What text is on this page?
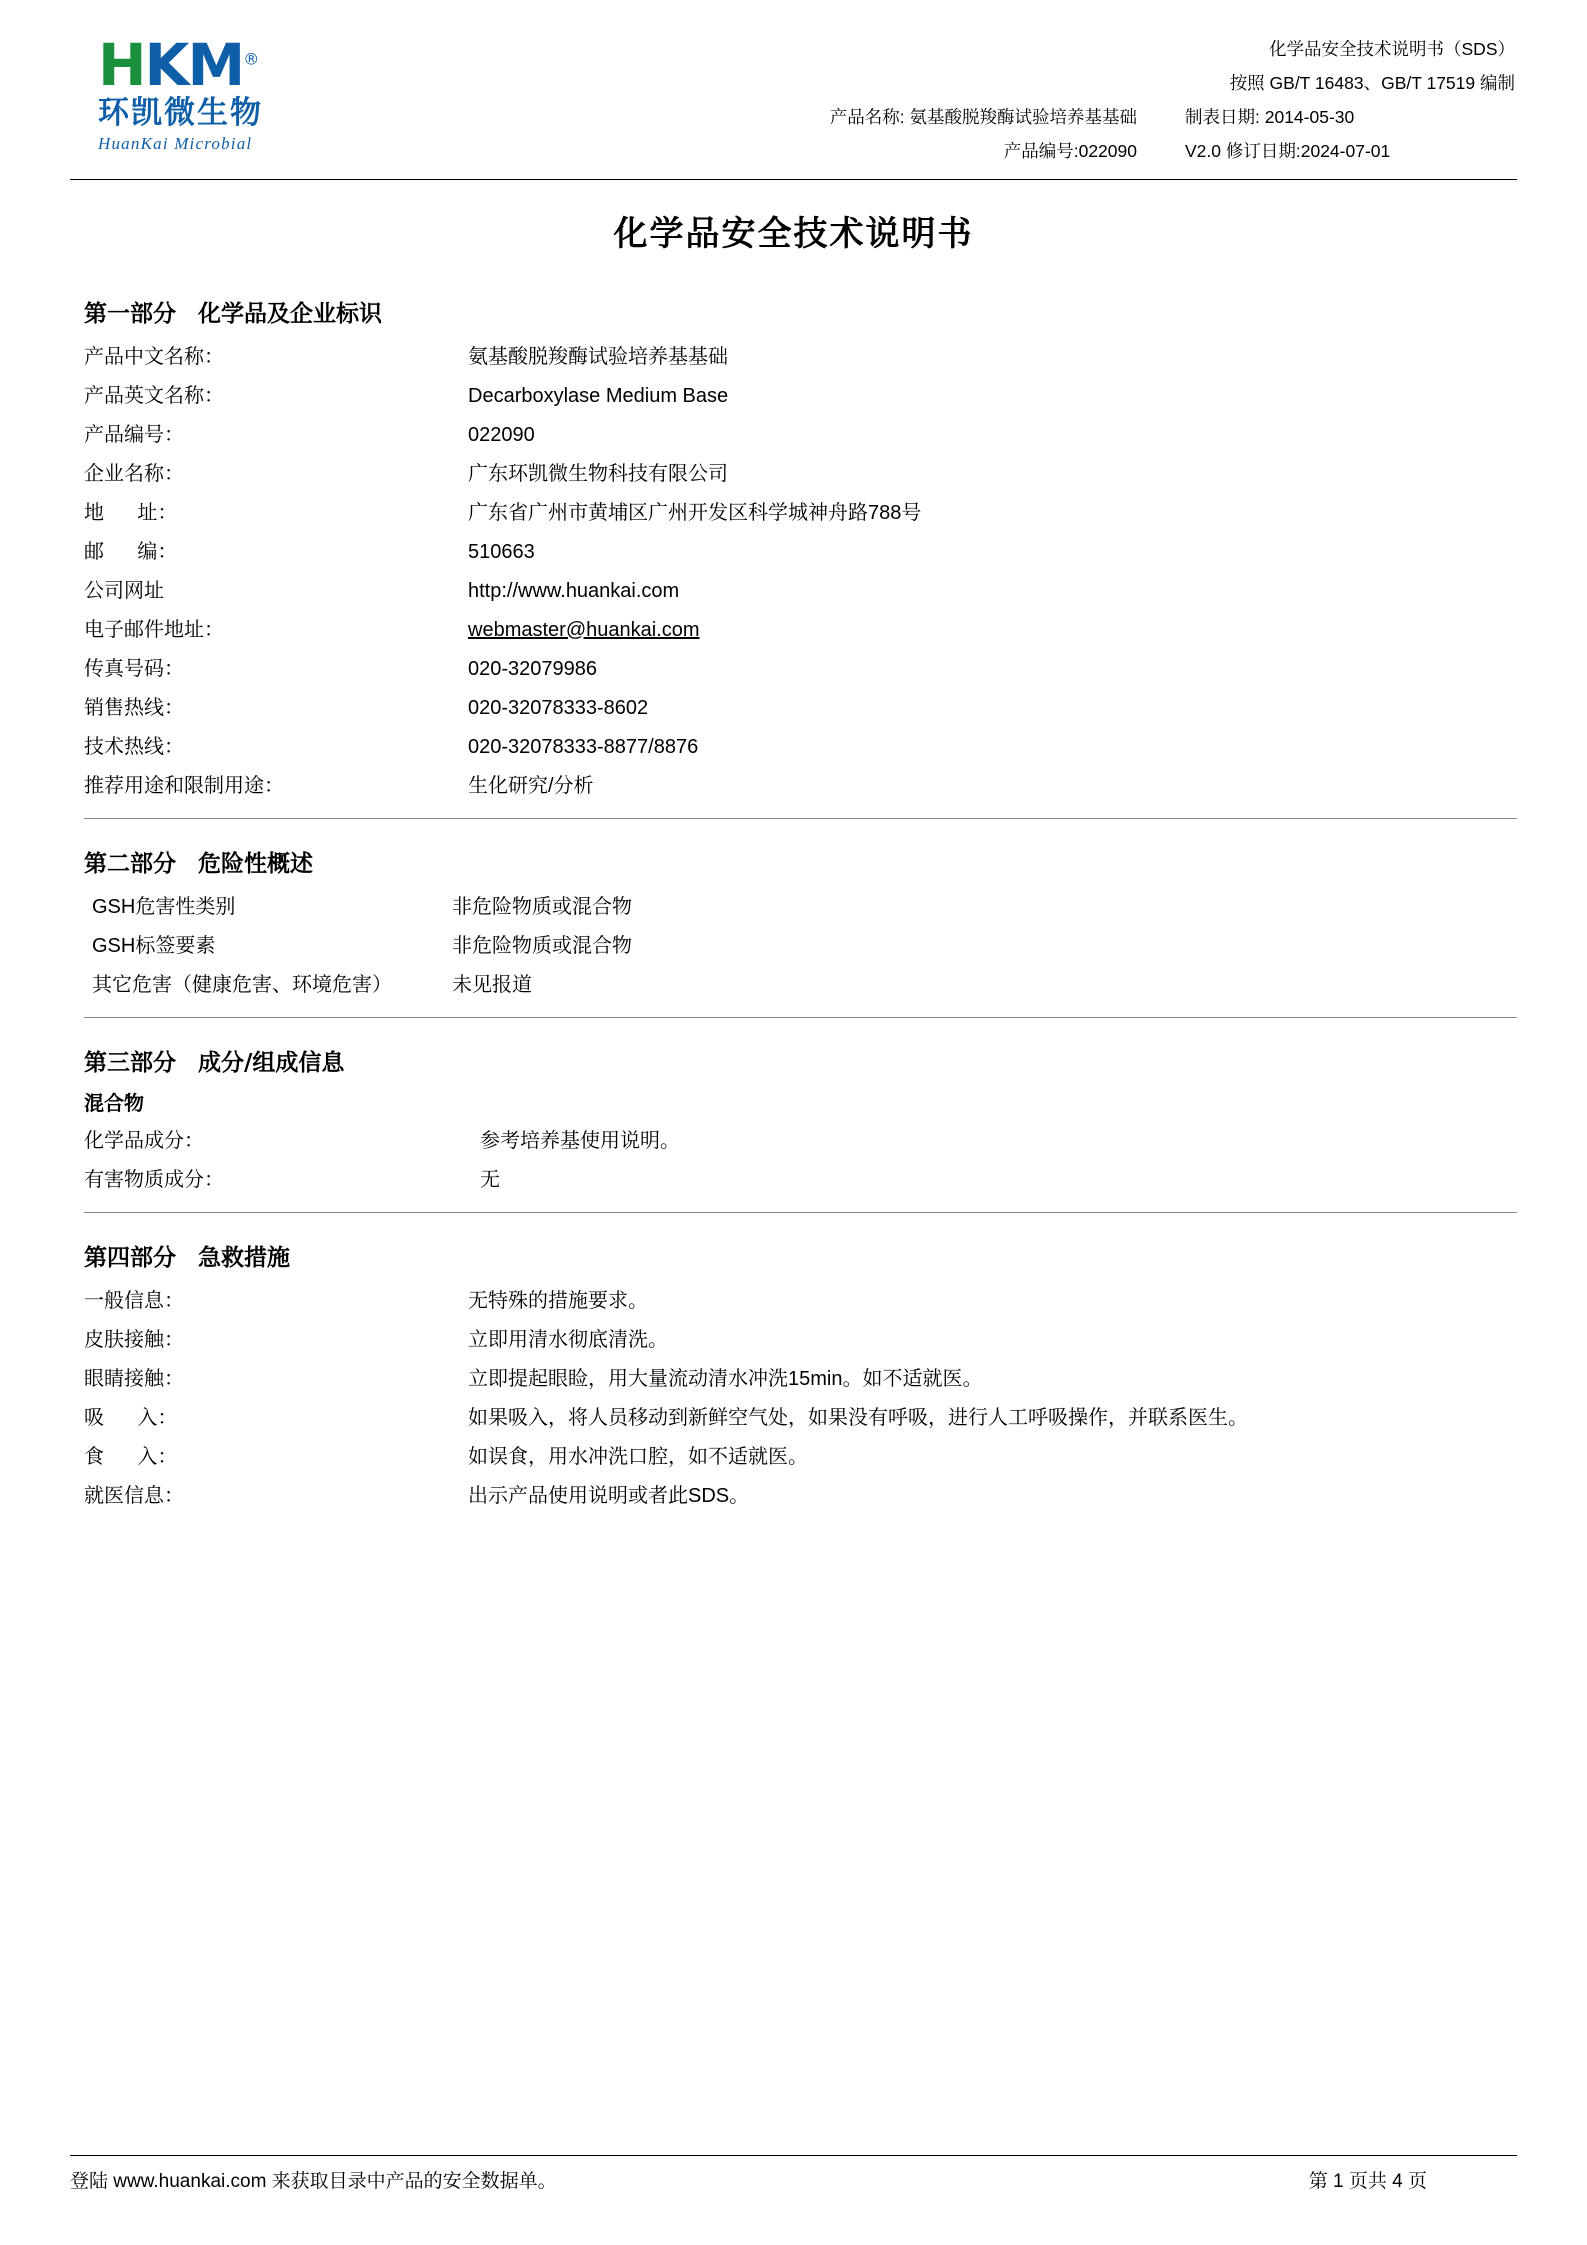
HKM®
环凯微生物
HuanKai Microbial
化学品安全技术说明书（SDS）
按照 GB/T 16483、GB/T 17519 编制
产品名称: 氨基酸脱羧酶试验培养基基础	制表日期: 2014-05-30
产品编号:022090	V2.0 修订日期:2024-07-01
化学品安全技术说明书
第一部分 化学品及企业标识
产品中文名称：	氨基酸脱羧酶试验培养基基础
产品英文名称：	Decarboxylase Medium Base
产品编号：	022090
企业名称：	广东环凯微生物科技有限公司
地      址：	广东省广州市黄埔区广州开发区科学城神舟路788号
邮      编：	510663
公司网址	http://www.huankai.com
电子邮件地址：	webmaster@huankai.com
传真号码：	020-32079986
销售热线：	020-32078333-8602
技术热线：	020-32078333-8877/8876
推荐用途和限制用途：	生化研究/分析
第二部分 危险性概述
GSH危害性类别	非危险物质或混合物
GSH标签要素	非危险物质或混合物
其它危害（健康危害、环境危害）	未见报道
第三部分 成分/组成信息
混合物
化学品成分：	参考培养基使用说明。
有害物质成分：	无
第四部分 急救措施
一般信息：	无特殊的措施要求。
皮肤接触：	立即用清水彻底清洗。
眼睛接触：	立即提起眼睑，用大量流动清水冲洗15min。如不适就医。
吸      入：	如果吸入，将人员移动到新鲜空气处，如果没有呼吸，进行人工呼吸操作，并联系医生。
食      入：	如误食，用水冲洗口腔，如不适就医。
就医信息：	出示产品使用说明或者此SDS。
登陆 www.huankai.com 来获取目录中产品的安全数据单。	第 1 页共 4 页
